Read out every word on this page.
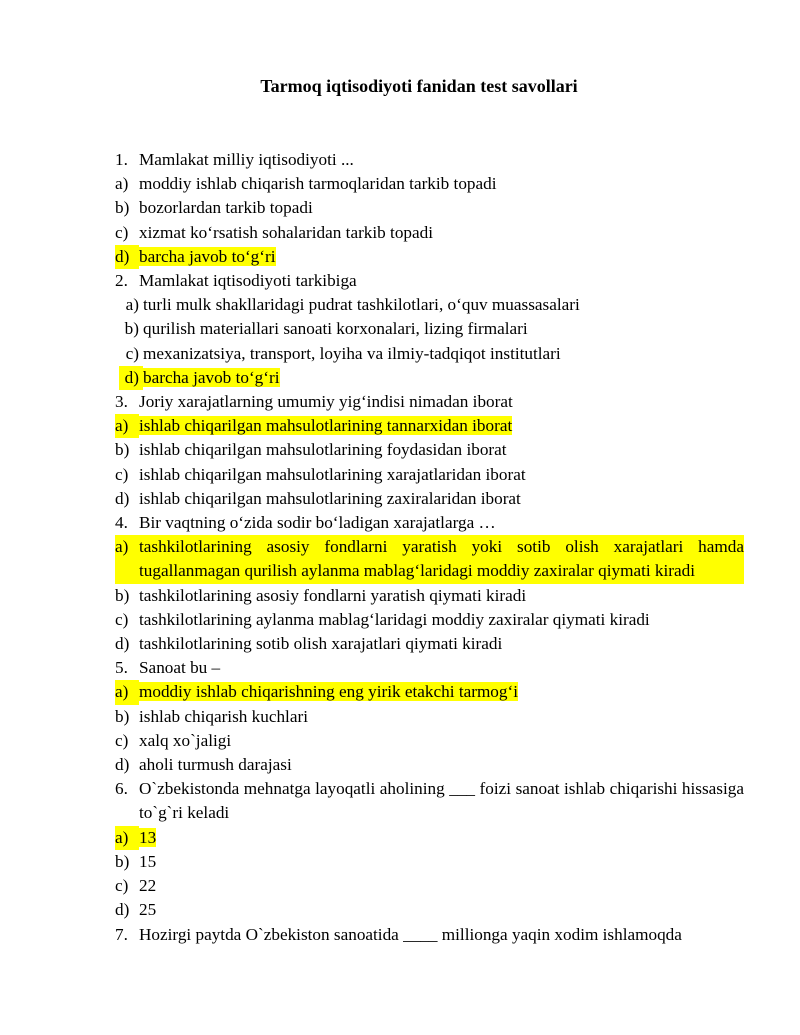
Tarmoq iqtisodiyoti fanidan test savollari
1. Mamlakat milliy iqtisodiyoti ...
a) moddiy ishlab chiqarish tarmoqlaridan tarkib topadi
b) bozorlardan tarkib topadi
c) xizmat koʻrsatish sohalaridan tarkib topadi
d) barcha javob toʻgʻri
2. Mamlakat iqtisodiyoti tarkibiga
a) turli mulk shakllaridagi pudrat tashkilotlari, oʻquv muassasalari
b) qurilish materiallari sanoati korxonalari, lizing firmalari
c) mexanizatsiya, transport, loyiha va ilmiy-tadqiqot institutlari
d) barcha javob toʻgʻri
3. Joriy xarajatlarning umumiy yigʻindisi nimadan iborat
a) ishlab chiqarilgan mahsulotlarining tannarxidan iborat
b) ishlab chiqarilgan mahsulotlarining foydasidan iborat
c) ishlab chiqarilgan mahsulotlarining xarajatlaridan iborat
d) ishlab chiqarilgan mahsulotlarining zaxiralaridan iborat
4. Bir vaqtning oʻzida sodir boʻladigan xarajatlarga …
a) tashkilotlarining asosiy fondlarni yaratish yoki sotib olish xarajatlari hamda tugallanmagan qurilish aylanma mablagʻlaridagi moddiy zaxiralar qiymati kiradi
b) tashkilotlarining asosiy fondlarni yaratish qiymati kiradi
c) tashkilotlarining aylanma mablagʻlaridagi moddiy zaxiralar qiymati kiradi
d) tashkilotlarining sotib olish xarajatlari qiymati kiradi
5. Sanoat bu –
a) moddiy ishlab chiqarishning eng yirik etakchi tarmogʻi
b) ishlab chiqarish kuchlari
c) xalq xo`jaligi
d) aholi turmush darajasi
6. O`zbekistonda mehnatga layoqatli aholining ___ foizi sanoat ishlab chiqarishi hissasiga to`g`ri keladi
a) 13
b) 15
c) 22
d) 25
7. Hozirgi paytda O`zbekiston sanoatida ____ millionga yaqin xodim ishlamoqda
